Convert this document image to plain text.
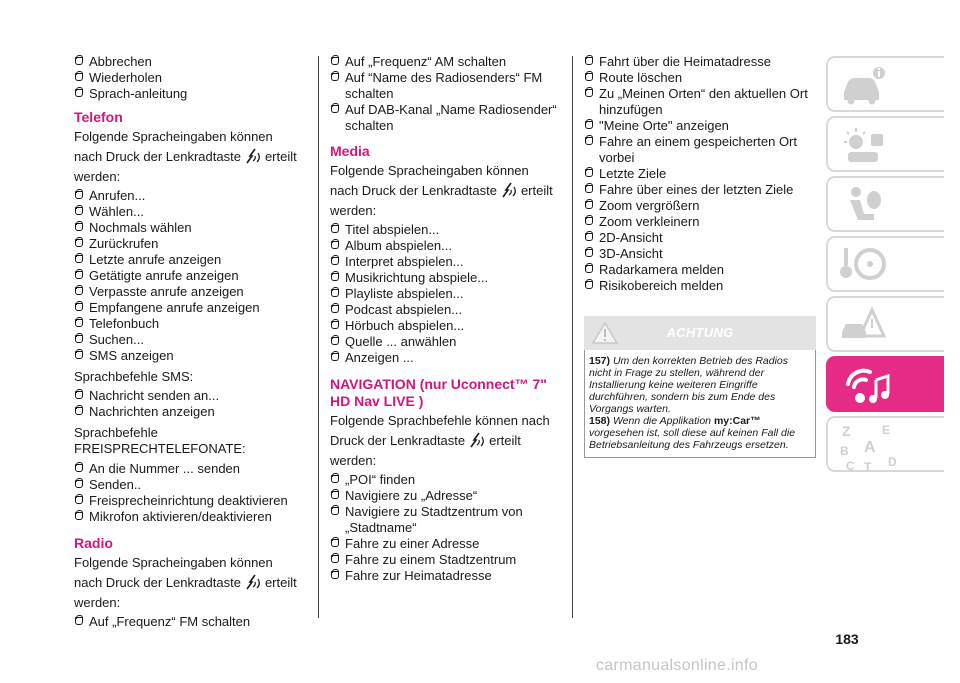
Abbrechen
Wiederholen
Sprach-anleitung
Telefon
Folgende Spracheingaben können
nach Druck der Lenkradtaste erteilt
werden:
Anrufen...
Wählen...
Nochmals wählen
Zurückrufen
Letzte anrufe anzeigen
Getätigte anrufe anzeigen
Verpasste anrufe anzeigen
Empfangene anrufe anzeigen
Telefonbuch
Suchen...
SMS anzeigen
Sprachbefehle SMS:
Nachricht senden an...
Nachrichten anzeigen
Sprachbefehle
FREISPRECHTELEFONATE:
An die Nummer ... senden
Senden..
Freisprecheinrichtung deaktivieren
Mikrofon aktivieren/deaktivieren
Radio
Folgende Spracheingaben können
nach Druck der Lenkradtaste erteilt
werden:
Auf „Frequenz“ FM schalten
Auf „Frequenz“ AM schalten
Auf “Name des Radiosenders“ FM schalten
Auf DAB-Kanal „Name Radiosender“ schalten
Media
Folgende Spracheingaben können
nach Druck der Lenkradtaste erteilt
werden:
Titel abspielen...
Album abspielen...
Interpret abspielen...
Musikrichtung abspiele...
Playliste abspielen...
Podcast abspielen...
Hörbuch abspielen...
Quelle ... anwählen
Anzeigen ...
NAVIGATION (nur Uconnect™ 7"
HD Nav LIVE )
Folgende Sprachbefehle können nach
Druck der Lenkradtaste erteilt
werden:
„POI“ finden
Navigiere zu „Adresse“
Navigiere zu Stadtzentrum von „Stadtname“
Fahre zu einer Adresse
Fahre zu einem Stadtzentrum
Fahre zur Heimatadresse
Fahrt über die Heimatadresse
Route löschen
Zu „Meinen Orten“ den aktuellen Ort hinzufügen
"Meine Orte" anzeigen
Fahre an einem gespeicherten Ort vorbei
Letzte Ziele
Fahre über eines der letzten Ziele
Zoom vergrößern
Zoom verkleinern
2D-Ansicht
3D-Ansicht
Radarkamera melden
Risikobereich melden
ACHTUNG
157) Um den korrekten Betrieb des Radios nicht in Frage zu stellen, während der Installierung keine weiteren Eingriffe durchführen, sondern bis zum Ende des Vorgangs warten.
158) Wenn die Applikation my:Car™ vorgesehen ist, soll diese auf keinen Fall die Betriebsanleitung des Fahrzeugs ersetzen.
Z	E
B A
C T D
183
carmanualsonline.info
